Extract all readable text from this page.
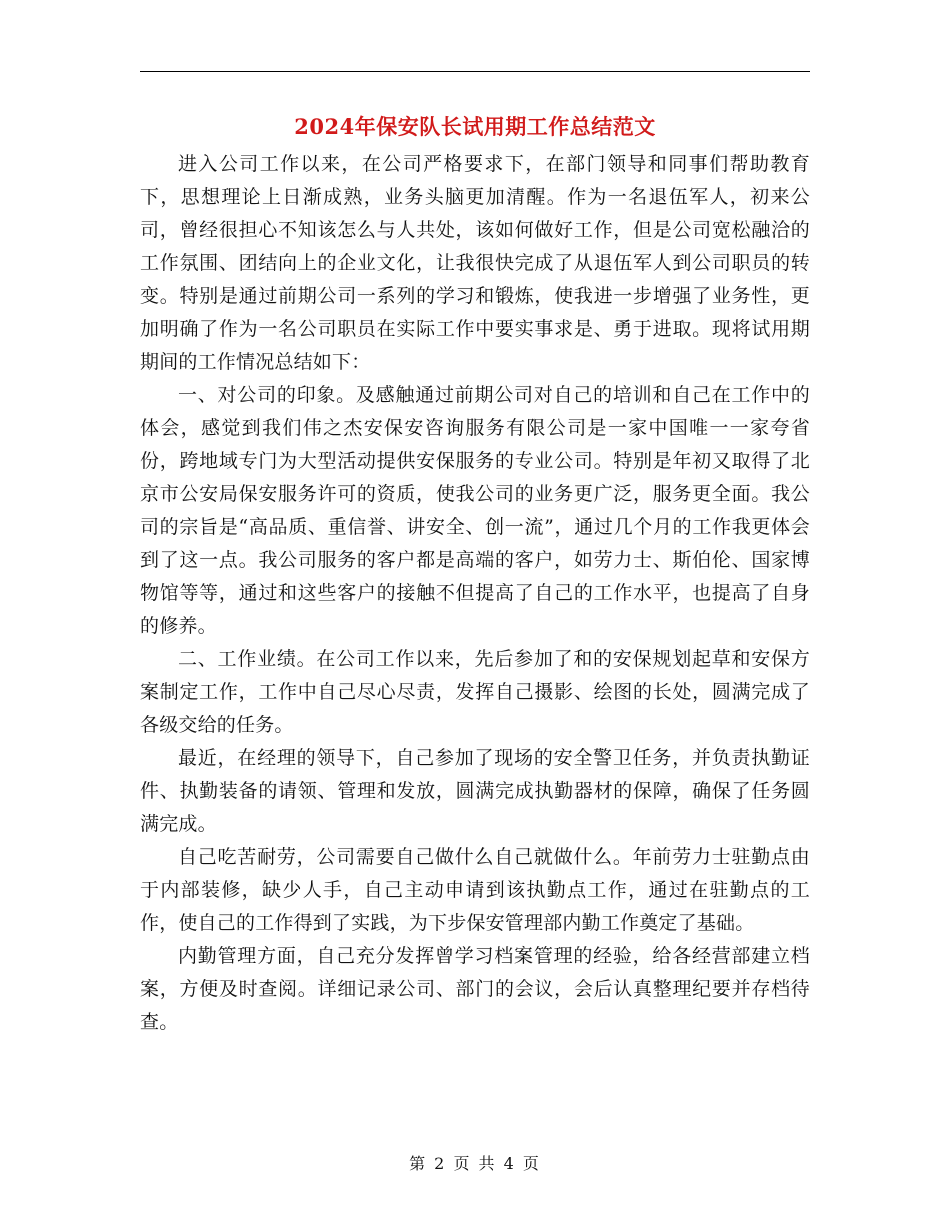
2024年保安队长试用期工作总结范文

进入公司工作以来，在公司严格要求下，在部门领导和同事们帮助教育下，思想理论上日渐成熟，业务头脑更加清醒。作为一名退伍军人，初来公司，曾经很担心不知该怎么与人共处，该如何做好工作，但是公司宽松融洽的工作氛围、团结向上的企业文化，让我很快完成了从退伍军人到公司职员的转变。特别是通过前期公司一系列的学习和锻炼，使我进一步增强了业务性，更加明确了作为一名公司职员在实际工作中要实事求是、勇于进取。现将试用期期间的工作情况总结如下：

一、对公司的印象。及感触通过前期公司对自己的培训和自己在工作中的体会，感觉到我们伟之杰安保安咨询服务有限公司是一家中国唯一一家夸省份，跨地域专门为大型活动提供安保服务的专业公司。特别是年初又取得了北京市公安局保安服务许可的资质，使我公司的业务更广泛，服务更全面。我公司的宗旨是“高品质、重信誉、讲安全、创一流”，通过几个月的工作我更体会到了这一点。我公司服务的客户都是高端的客户，如劳力士、斯伯伦、国家博物馆等等，通过和这些客户的接触不但提高了自己的工作水平，也提高了自身的修养。

二、工作业绩。在公司工作以来，先后参加了和的安保规划起草和安保方案制定工作，工作中自己尽心尽责，发挥自己摄影、绘图的长处，圆满完成了各级交给的任务。

最近，在经理的领导下，自己参加了现场的安全警卫任务，并负责执勤证件、执勤装备的请领、管理和发放，圆满完成执勤器材的保障，确保了任务圆满完成。

自己吃苦耐劳，公司需要自己做什么自己就做什么。年前劳力士驻勤点由于内部装修，缺少人手，自己主动申请到该执勤点工作，通过在驻勤点的工作，使自己的工作得到了实践，为下步保安管理部内勤工作奠定了基础。

内勤管理方面，自己充分发挥曾学习档案管理的经验，给各经营部建立档案，方便及时查阅。详细记录公司、部门的会议，会后认真整理纪要并存档待查。

第 2 页 共 4 页
